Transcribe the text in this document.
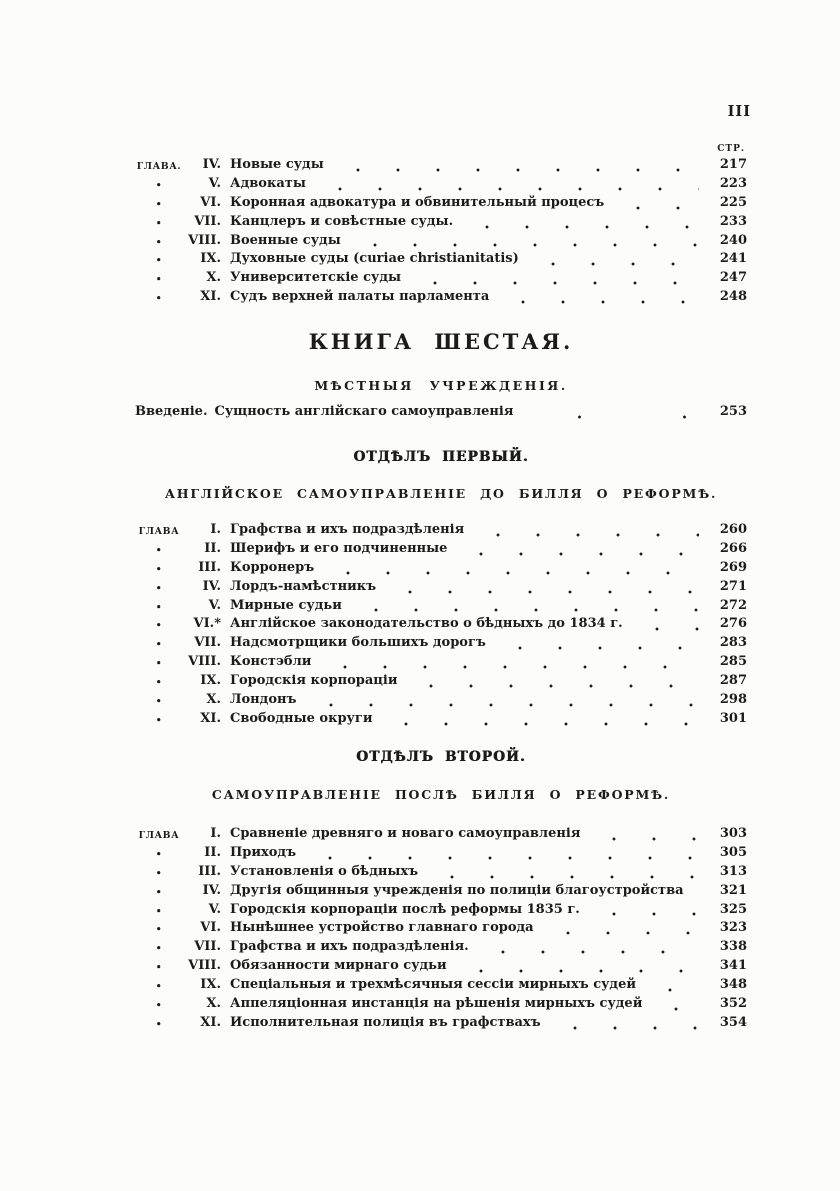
III
СТР.
ГЛАВА.	IV. Новые суды	217
•	V. Адвокаты	223
•	VI. Коронная адвокатура и обвинительный процесъ	225
•	VII. Канцлеръ и совѣстные суды.	233
•	VIII. Военные суды	240
•	IX. Духовные суды (curiae christianitatis)	241
•	X. Университетскіе суды	247
•	XI. Судъ верхней палаты парламента	248
КНИГА ШЕСТАЯ.
МѢСТНЫЯ УЧРЕЖДЕНІЯ.
Введеніе. Сущность англійскаго самоуправленія	253
ОТДѢЛЪ ПЕРВЫЙ.
АНГЛІЙСКОЕ САМОУПРАВЛЕНІЕ ДО БИЛЛЯ О РЕФОРМѢ.
ГЛАВА	I. Графства и ихъ подраздѣленія	260
•	II. Шерифъ и его подчиненные	266
•	III. Корронеръ	269
•	IV. Лордъ-намѣстникъ	271
•	V. Мирные судьи	272
•	VI.* Англійское законодательство о бѣдныхъ до 1834 г.	276
•	VII. Надсмотрщики большихъ дорогъ	283
•	VIII. Констэбли	285
•	IX. Городскія корпораціи	287
•	X. Лондонъ	298
•	XI. Свободные округи	301
ОТДѢЛЪ ВТОРОЙ.
САМОУПРАВЛЕНІЕ ПОСЛѢ БИЛЛЯ О РЕФОРМѢ.
ГЛАВА	I. Сравненіе древняго и новаго самоуправленія	303
•	II. Приходъ	305
•	III. Установленія о бѣдныхъ	313
•	IV. Другія общинныя учрежденія по полиціи благоустройства	321
•	V. Городскія корпораціи послѣ реформы 1835 г.	325
•	VI. Нынѣшнее устройство главнаго города	323
•	VII. Графства и ихъ подраздѣленія.	338
•	VIII. Обязанности мирнаго судьи	341
•	IX. Спеціальныя и трехмѣсячныя сессіи мирныхъ судей	348
•	X. Аппеляціонная инстанція на рѣшенія мирныхъ судей	352
•	XI. Исполнительная полиція въ графствахъ	354
